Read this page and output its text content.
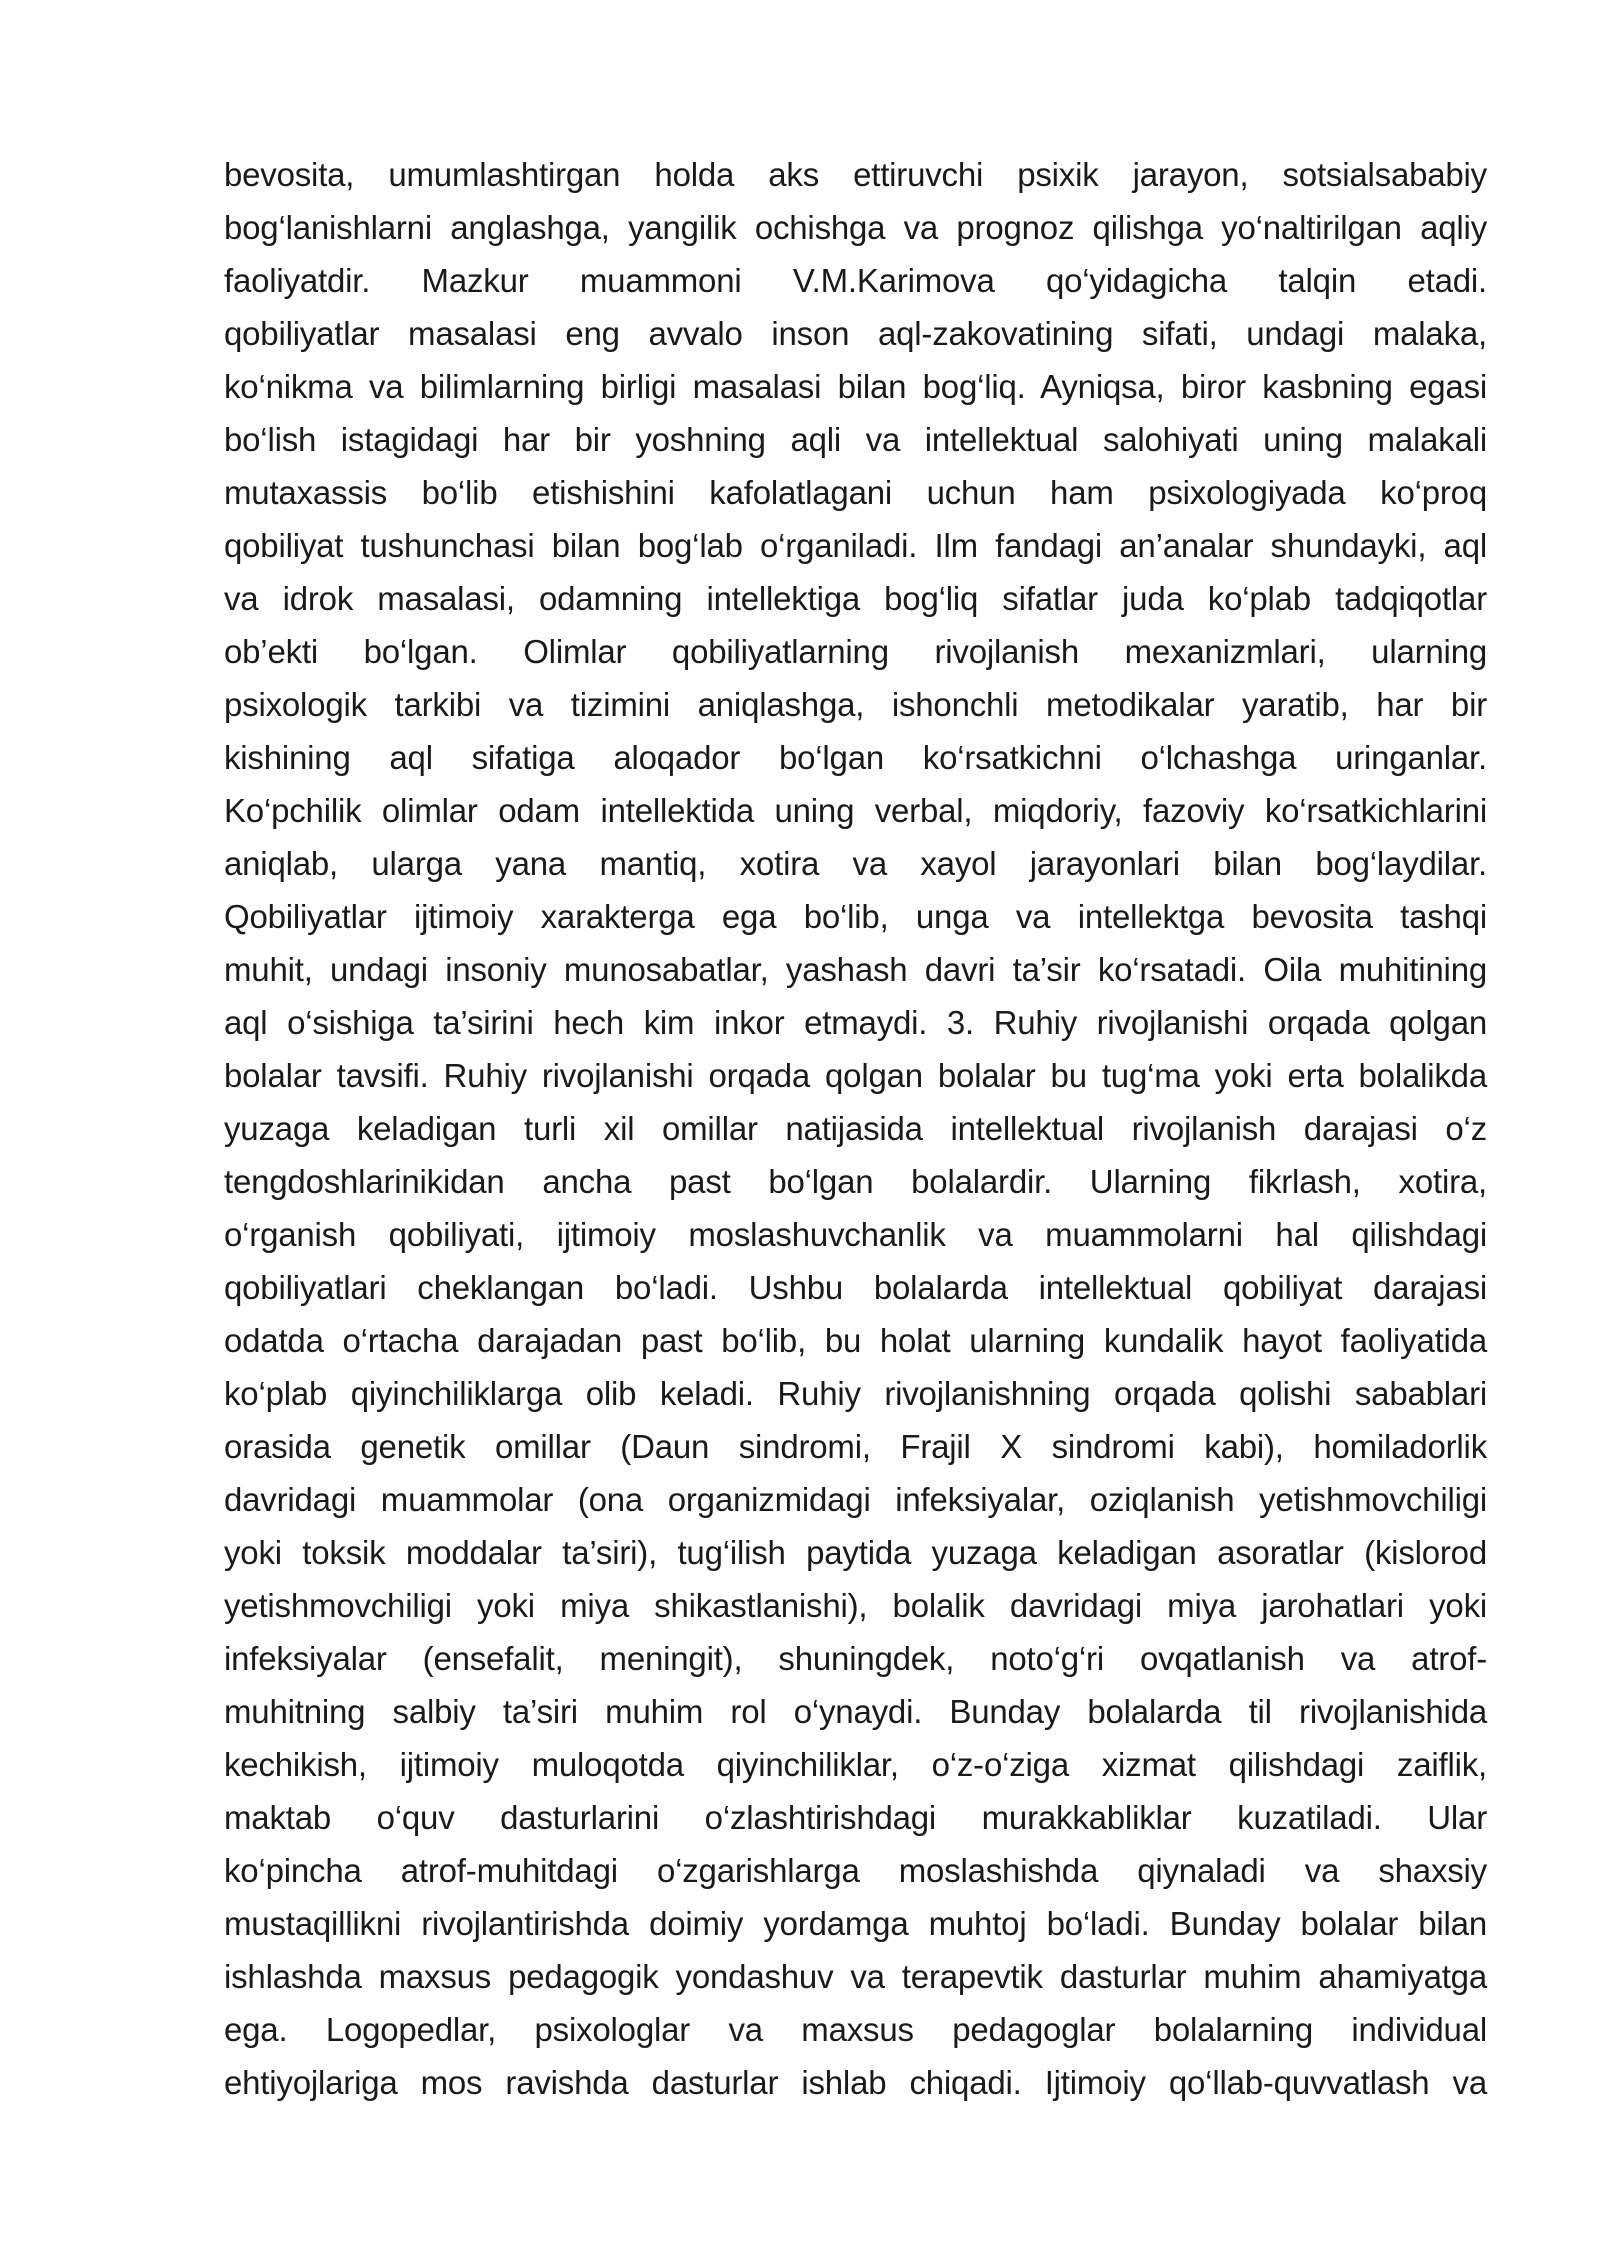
bevosita, umumlashtirgan holda aks ettiruvchi psixik jarayon, sotsialsababiy
bog‘lanishlarni anglashga, yangilik ochishga va prognoz qilishga yo‘naltirilgan aqliy
faoliyatdir. Mazkur muammoni V.M.Karimova qo‘yidagicha talqin etadi.
qobiliyatlar masalasi eng avvalo inson aql-zakovatining sifati, undagi malaka,
ko‘nikma va bilimlarning birligi masalasi bilan bog‘liq. Ayniqsa, biror kasbning egasi
bo‘lish istagidagi har bir yoshning aqli va intellektual salohiyati uning malakali
mutaxassis bo‘lib etishishini kafolatlagani uchun ham psixologiyada ko‘proq
qobiliyat tushunchasi bilan bog‘lab o‘rganiladi. Ilm fandagi an’analar shundayki, aql
va idrok masalasi, odamning intellektiga bog‘liq sifatlar juda ko‘plab tadqiqotlar
ob’ekti bo‘lgan. Olimlar qobiliyatlarning rivojlanish mexanizmlari, ularning
psixologik tarkibi va tizimini aniqlashga, ishonchli metodikalar yaratib, har bir
kishining aql sifatiga aloqador bo‘lgan ko‘rsatkichni o‘lchashga uringanlar.
Ko‘pchilik olimlar odam intellektida uning verbal, miqdoriy, fazoviy ko‘rsatkichlarini
aniqlab, ularga yana mantiq, xotira va xayol jarayonlari bilan bog‘laydilar.
Qobiliyatlar ijtimoiy xarakterga ega bo‘lib, unga va intellektga bevosita tashqi
muhit, undagi insoniy munosabatlar, yashash davri ta’sir ko‘rsatadi. Oila muhitining
aql o‘sishiga ta’sirini hech kim inkor etmaydi. 3. Ruhiy rivojlanishi orqada qolgan
bolalar tavsifi. Ruhiy rivojlanishi orqada qolgan bolalar bu tug‘ma yoki erta bolalikda
yuzaga keladigan turli xil omillar natijasida intellektual rivojlanish darajasi o‘z
tengdoshlarinikidan ancha past bo‘lgan bolalardir. Ularning fikrlash, xotira,
o‘rganish qobiliyati, ijtimoiy moslashuvchanlik va muammolarni hal qilishdagi
qobiliyatlari cheklangan bo‘ladi. Ushbu bolalarda intellektual qobiliyat darajasi
odatda o‘rtacha darajadan past bo‘lib, bu holat ularning kundalik hayot faoliyatida
ko‘plab qiyinchiliklarga olib keladi. Ruhiy rivojlanishning orqada qolishi sabablari
orasida genetik omillar (Daun sindromi, Frajil X sindromi kabi), homiladorlik
davridagi muammolar (ona organizmidagi infeksiyalar, oziqlanish yetishmovchiligi
yoki toksik moddalar ta’siri), tug‘ilish paytida yuzaga keladigan asoratlar (kislorod
yetishmovchiligi yoki miya shikastlanishi), bolalik davridagi miya jarohatlari yoki
infeksiyalar (ensefalit, meningit), shuningdek, noto‘g‘ri ovqatlanish va atrof-
muhitning salbiy ta’siri muhim rol o‘ynaydi. Bunday bolalarda til rivojlanishida
kechikish, ijtimoiy muloqotda qiyinchiliklar, o‘z-o‘ziga xizmat qilishdagi zaiflik,
maktab o‘quv dasturlarini o‘zlashtirishdagi murakkabliklar kuzatiladi. Ular
ko‘pincha atrof-muhitdagi o‘zgarishlarga moslashishda qiynaladi va shaxsiy
mustaqillikni rivojlantirishda doimiy yordamga muhtoj bo‘ladi. Bunday bolalar bilan
ishlashda maxsus pedagogik yondashuv va terapevtik dasturlar muhim ahamiyatga
ega. Logopedlar, psixologlar va maxsus pedagoglar bolalarning individual
ehtiyojlariga mos ravishda dasturlar ishlab chiqadi. Ijtimoiy qo‘llab-quvvatlash va
